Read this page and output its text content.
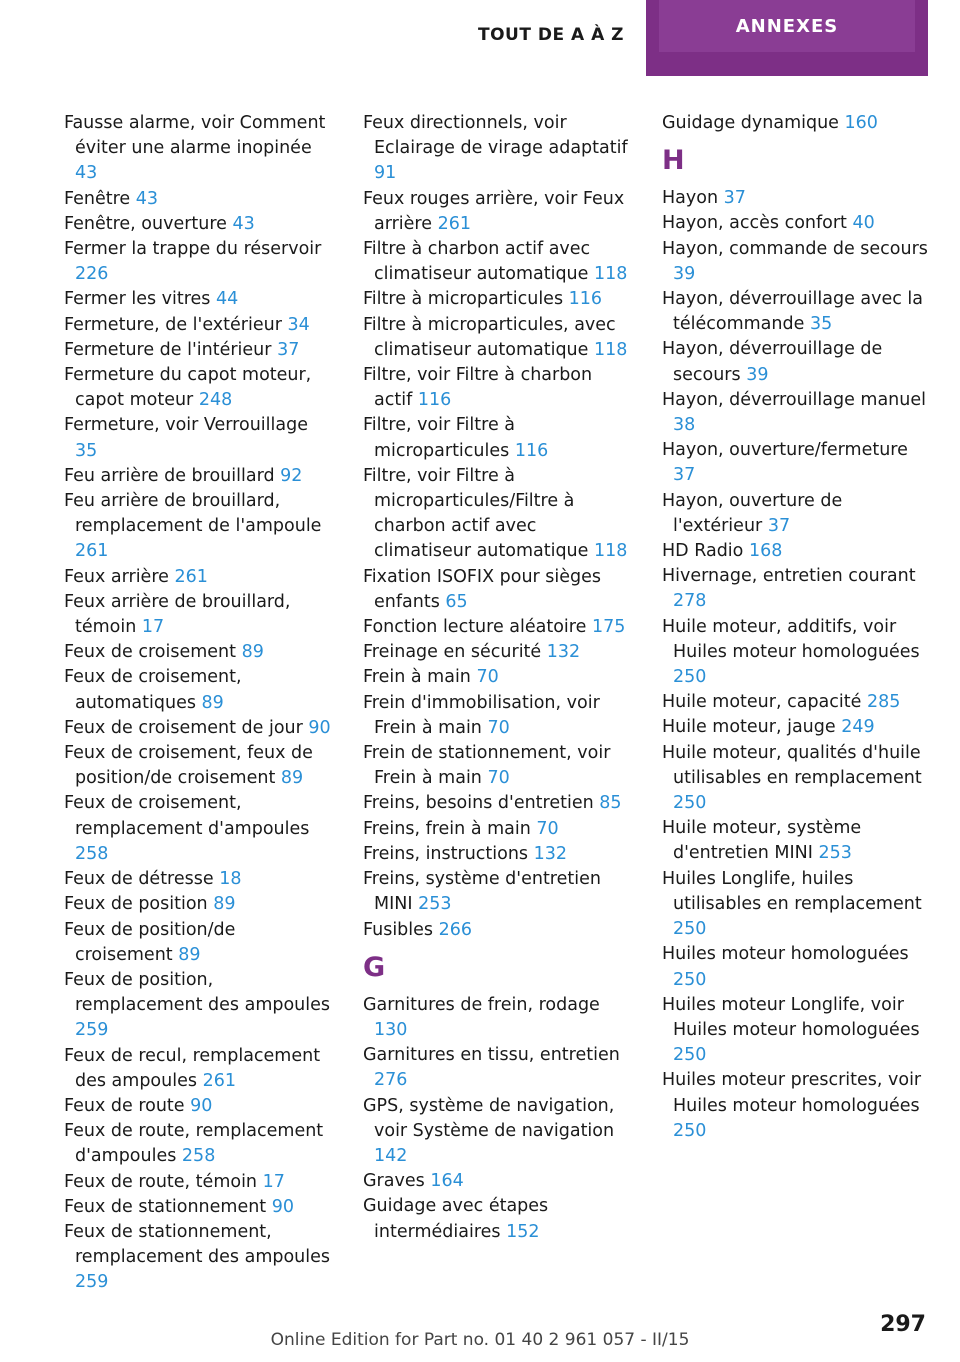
TOUT DE A À Z	ANNEXES
Fausse alarme, voir Comment éviter une alarme inopinée 43
Fenêtre 43
Fenêtre, ouverture 43
Fermer la trappe du réservoir 226
Fermer les vitres 44
Fermeture, de l'extérieur 34
Fermeture de l'intérieur 37
Fermeture du capot moteur, capot moteur 248
Fermeture, voir Verrouillage 35
Feu arrière de brouillard 92
Feu arrière de brouillard, remplacement de l'ampoule 261
Feux arrière 261
Feux arrière de brouillard, témoin 17
Feux de croisement 89
Feux de croisement, automatiques 89
Feux de croisement de jour 90
Feux de croisement, feux de position/de croisement 89
Feux de croisement, remplacement d'ampoules 258
Feux de détresse 18
Feux de position 89
Feux de position/de croisement 89
Feux de position, remplacement des ampoules 259
Feux de recul, remplacement des ampoules 261
Feux de route 90
Feux de route, remplacement d'ampoules 258
Feux de route, témoin 17
Feux de stationnement 90
Feux de stationnement, remplacement des ampoules 259
Feux directionnels, voir Eclairage de virage adaptatif 91
Feux rouges arrière, voir Feux arrière 261
Filtre à charbon actif avec climatiseur automatique 118
Filtre à microparticules 116
Filtre à microparticules, avec climatiseur automatique 118
Filtre, voir Filtre à charbon actif 116
Filtre, voir Filtre à microparticules 116
Filtre, voir Filtre à microparticules/Filtre à charbon actif avec climatiseur automatique 118
Fixation ISOFIX pour sièges enfants 65
Fonction lecture aléatoire 175
Freinage en sécurité 132
Frein à main 70
Frein d'immobilisation, voir Frein à main 70
Frein de stationnement, voir Frein à main 70
Freins, besoins d'entretien 85
Freins, frein à main 70
Freins, instructions 132
Freins, système d'entretien MINI 253
Fusibles 266
G
Garnitures de frein, rodage 130
Garnitures en tissu, entretien 276
GPS, système de navigation, voir Système de navigation 142
Graves 164
Guidage avec étapes intermédiaires 152
Guidage dynamique 160
H
Hayon 37
Hayon, accès confort 40
Hayon, commande de secours 39
Hayon, déverrouillage avec la télécommande 35
Hayon, déverrouillage de secours 39
Hayon, déverrouillage manuel 38
Hayon, ouverture/fermeture 37
Hayon, ouverture de l'extérieur 37
HD Radio 168
Hivernage, entretien courant 278
Huile moteur, additifs, voir Huiles moteur homologuées 250
Huile moteur, capacité 285
Huile moteur, jauge 249
Huile moteur, qualités d'huile utilisables en remplacement 250
Huile moteur, système d'entretien MINI 253
Huiles Longlife, huiles utilisables en remplacement 250
Huiles moteur homologuées 250
Huiles moteur Longlife, voir Huiles moteur homologuées 250
Huiles moteur prescrites, voir Huiles moteur homologuées 250
297
Online Edition for Part no. 01 40 2 961 057 - II/15
